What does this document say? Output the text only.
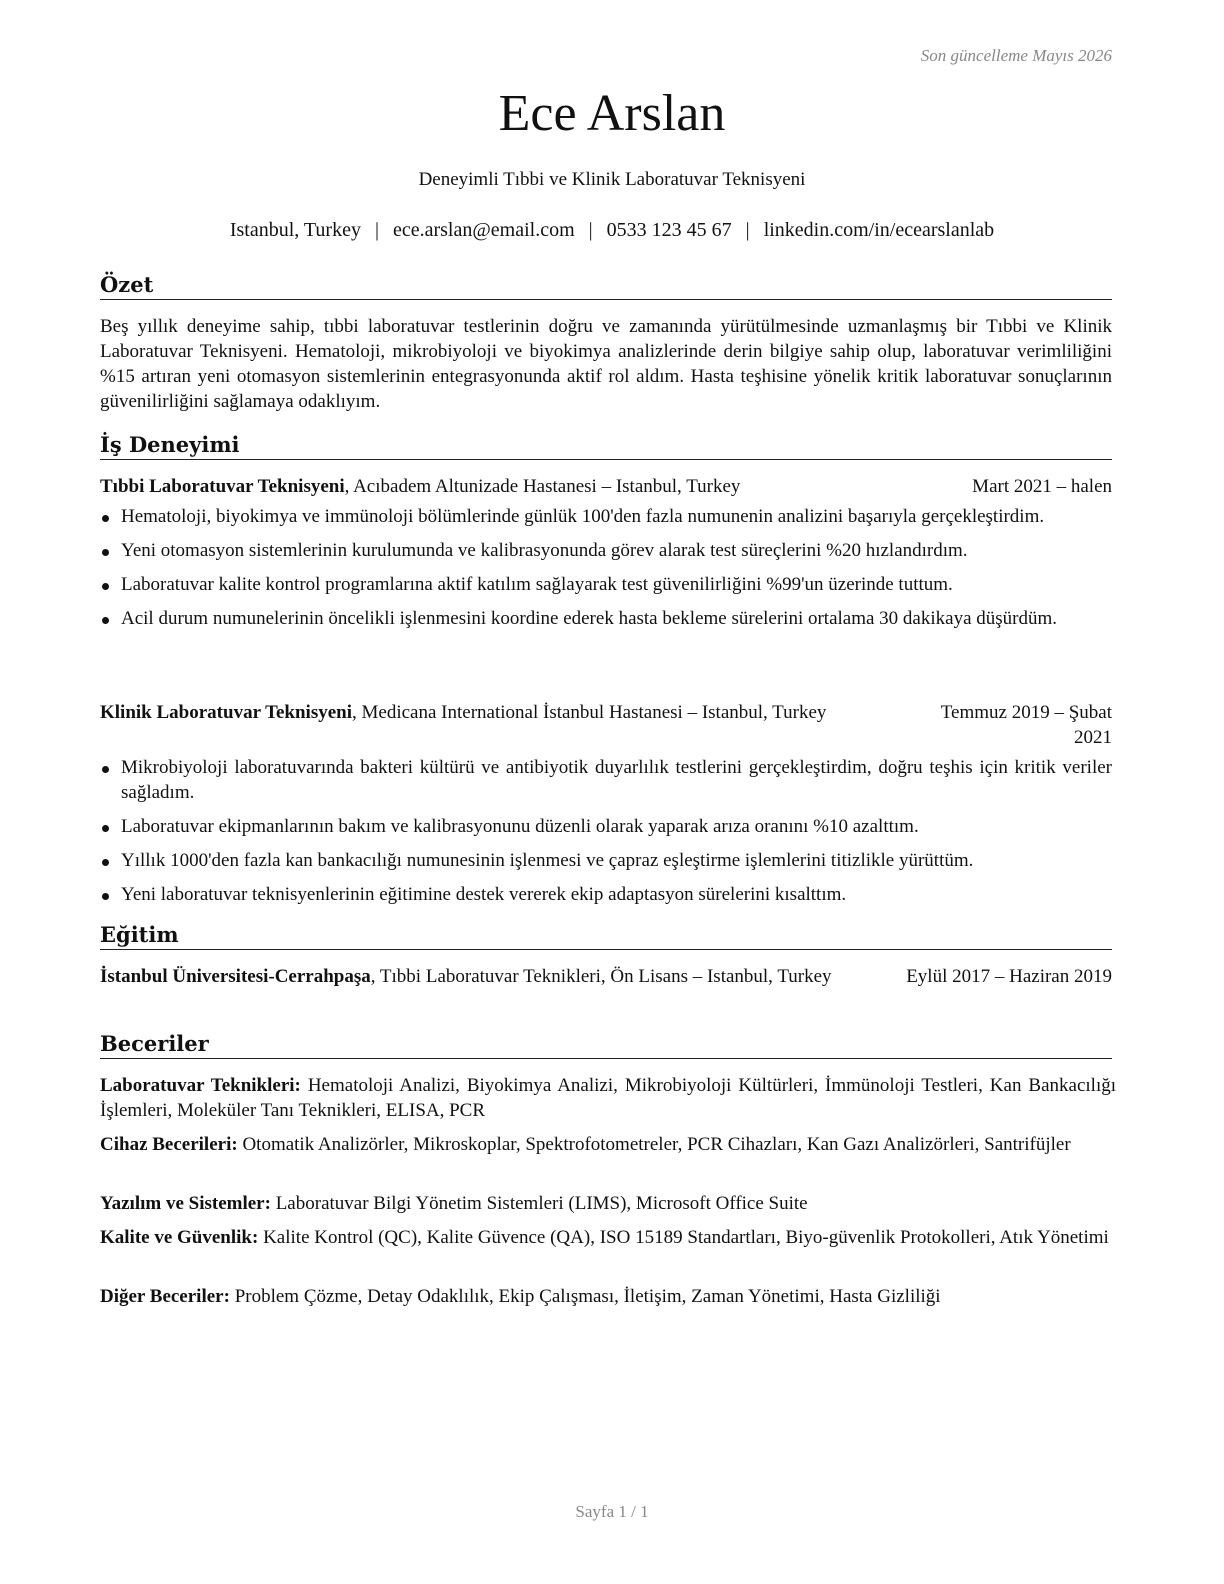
Son güncelleme Mayıs 2026
Ece Arslan
Deneyimli Tıbbi ve Klinik Laboratuvar Teknisyeni
Istanbul, Turkey | ece.arslan@email.com | 0533 123 45 67 | linkedin.com/in/ecearslanlab
Özet
Beş yıllık deneyime sahip, tıbbi laboratuvar testlerinin doğru ve zamanında yürütülmesinde uzmanlaşmış bir Tıbbi ve Klinik Laboratuvar Teknisyeni. Hematoloji, mikrobiyoloji ve biyokimya analizlerinde derin bilgiye sahip olup, laboratuvar verimliliğini %15 artıran yeni otomasyon sistemlerinin entegrasyonunda aktif rol aldım. Hasta teşhisine yönelik kritik laboratuvar sonuçlarının güvenilirliğini sağlamaya odaklıyım.
İş Deneyimi
Tıbbi Laboratuvar Teknisyeni, Acıbadem Altunizade Hastanesi – Istanbul, Turkey	Mart 2021 – halen
Hematoloji, biyokimya ve immünoloji bölümlerinde günlük 100'den fazla numunenin analizini başarıyla gerçekleştirdim.
Yeni otomasyon sistemlerinin kurulumunda ve kalibrasyonunda görev alarak test süreçlerini %20 hızlandırdım.
Laboratuvar kalite kontrol programlarına aktif katılım sağlayarak test güvenilirliğini %99'un üzerinde tuttum.
Acil durum numunelerinin öncelikli işlenmesini koordine ederek hasta bekleme sürelerini ortalama 30 dakikaya düşürdüm.
Klinik Laboratuvar Teknisyeni, Medicana International İstanbul Hastanesi – Istanbul, Turkey	Temmuz 2019 – Şubat 2021
Mikrobiyoloji laboratuvarında bakteri kültürü ve antibiyotik duyarlılık testlerini gerçekleştirdim, doğru teşhis için kritik veriler sağladım.
Laboratuvar ekipmanlarının bakım ve kalibrasyonunu düzenli olarak yaparak arıza oranını %10 azalttım.
Yıllık 1000'den fazla kan bankacılığı numunesinin işlenmesi ve çapraz eşleştirme işlemlerini titizlikle yürüttüm.
Yeni laboratuvar teknisyenlerinin eğitimine destek vererek ekip adaptasyon sürelerini kısalttım.
Eğitim
İstanbul Üniversitesi-Cerrahpaşa, Tıbbi Laboratuvar Teknikleri, Ön Lisans – Istanbul, Turkey	Eylül 2017 – Haziran 2019
Beceriler
Laboratuvar Teknikleri: Hematoloji Analizi, Biyokimya Analizi, Mikrobiyoloji Kültürleri, İmmünoloji Testleri, Kan Bankacılığı İşlemleri, Moleküler Tanı Teknikleri, ELISA, PCR
Cihaz Becerileri: Otomatik Analizörler, Mikroskoplar, Spektrofotometreler, PCR Cihazları, Kan Gazı Analizörleri, Santrifüjler
Yazılım ve Sistemler: Laboratuvar Bilgi Yönetim Sistemleri (LIMS), Microsoft Office Suite
Kalite ve Güvenlik: Kalite Kontrol (QC), Kalite Güvence (QA), ISO 15189 Standartları, Biyo-güvenlik Protokolleri, Atık Yönetimi
Diğer Beceriler: Problem Çözme, Detay Odaklılık, Ekip Çalışması, İletişim, Zaman Yönetimi, Hasta Gizliliği
Sayfa 1 / 1
